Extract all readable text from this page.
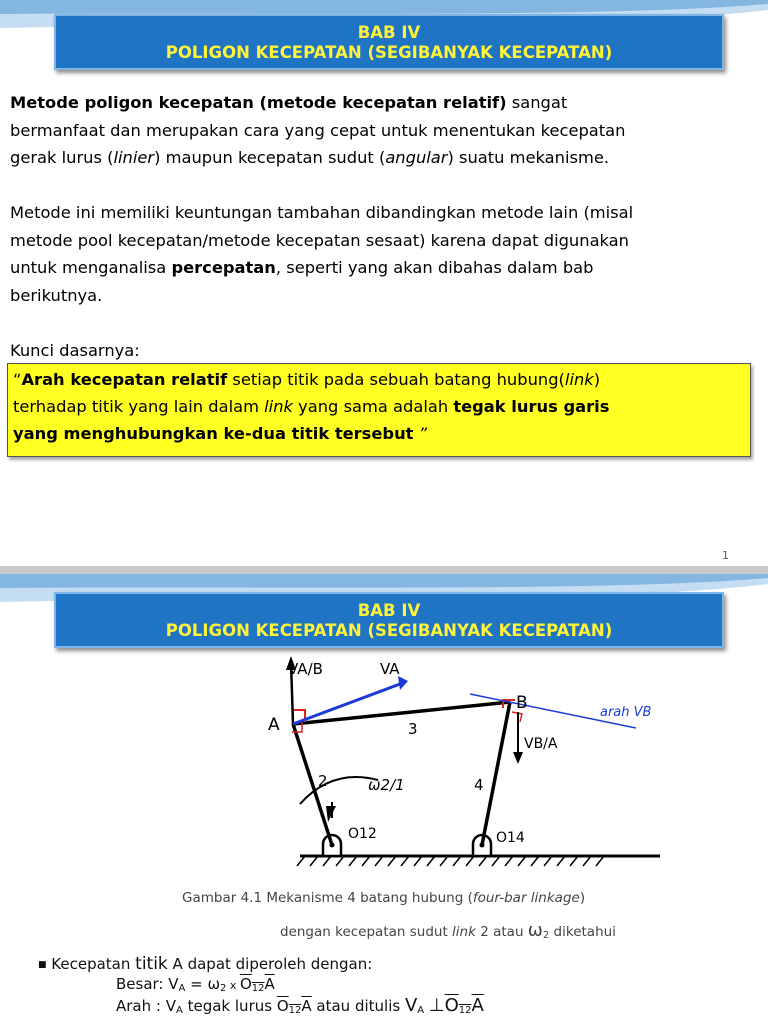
BAB IV
POLIGON KECEPATAN (SEGIBANYAK KECEPATAN)
Metode poligon kecepatan (metode kecepatan relatif) sangat
bermanfaat dan merupakan cara yang cepat untuk menentukan kecepatan
gerak lurus (linier) maupun kecepatan sudut (angular) suatu mekanisme.
Metode ini memiliki keuntungan tambahan dibandingkan metode lain (misal
metode pool kecepatan/metode kecepatan sesaat) karena dapat digunakan
untuk menganalisa percepatan, seperti yang akan dibahas dalam bab
berikutnya.
Kunci dasarnya:
“Arah kecepatan relatif setiap titik pada sebuah batang hubung(link)
terhadap titik yang lain dalam link yang sama adalah tegak lurus garis
yang menghubungkan ke-dua titik tersebut ”
1
BAB IV
POLIGON KECEPATAN (SEGIBANYAK KECEPATAN)
VA/B	VA
A	3
B	arah VB
VB/A
2	ω2/1	4
O12	O14
Gambar 4.1 Mekanisme 4 batang hubung (four-bar linkage)
dengan kecepatan sudut link 2 atau $\omega_2$ diketahui
■ Kecepatan titik A dapat diperoleh dengan:
Besar: $V_A = \omega_2$ x $O_{12}A$
Arah : $V_A$ tegak lurus $O_{12}A$ atau ditulis $V_A$ $\perp O_{12}A$
